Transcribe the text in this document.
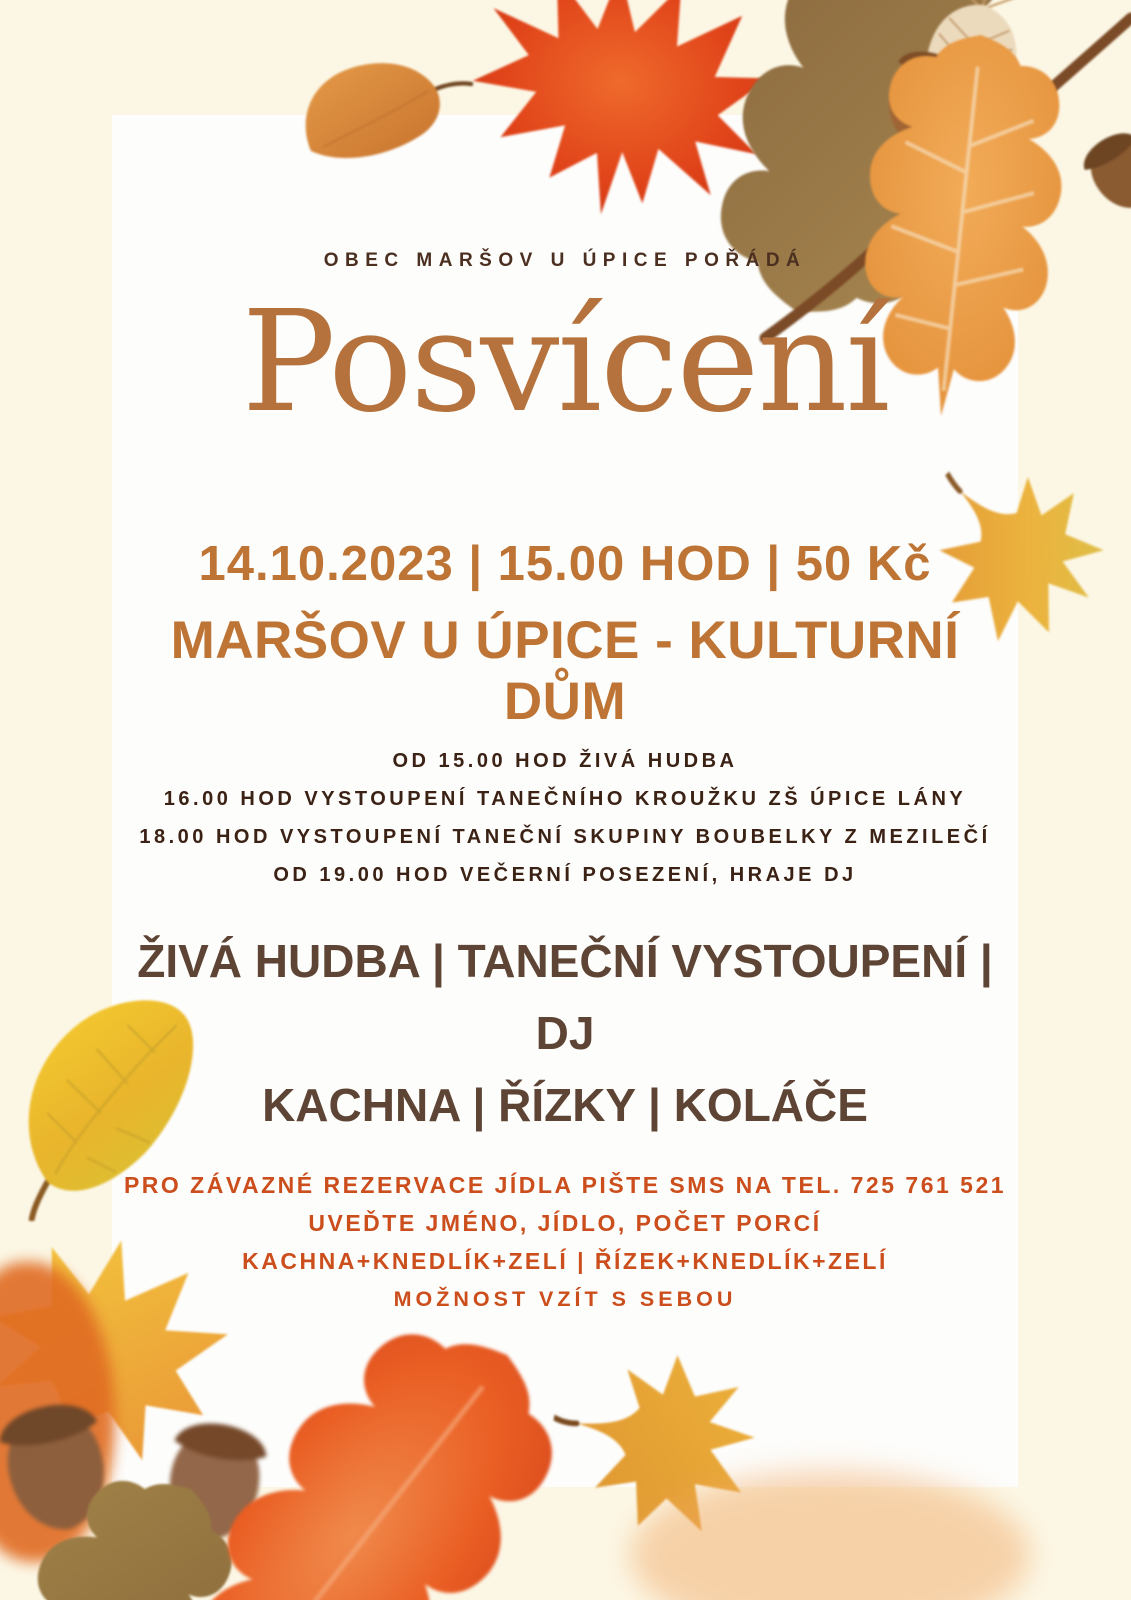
OBEC MARŠOV U ÚPICE POŘÁDÁ
Posvícení
14.10.2023 | 15.00 HOD | 50 Kč
MARŠOV U ÚPICE - KULTURNÍ DŮM
OD 15.00 HOD ŽIVÁ HUDBA
16.00 HOD VYSTOUPENÍ TANEČNÍHO KROUŽKU ZŠ ÚPICE LÁNY
18.00 HOD VYSTOUPENÍ TANEČNÍ SKUPINY BOUBELKY Z MEZILEČÍ
OD 19.00 HOD VEČERNÍ POSEZENÍ, HRAJE DJ
ŽIVÁ HUDBA | TANEČNÍ VYSTOUPENÍ | DJ
KACHNA | ŘÍZKY | KOLÁČE
PRO ZÁVAZNÉ REZERVACE JÍDLA PIŠTE SMS NA TEL. 725 761 521
UVEĎTE JMÉNO, JÍDLO, POČET PORCÍ
KACHNA+KNEDLÍK+ZELÍ | ŘÍZEK+KNEDLÍK+ZELÍ
MOŽNOST VZÍT S SEBOU
